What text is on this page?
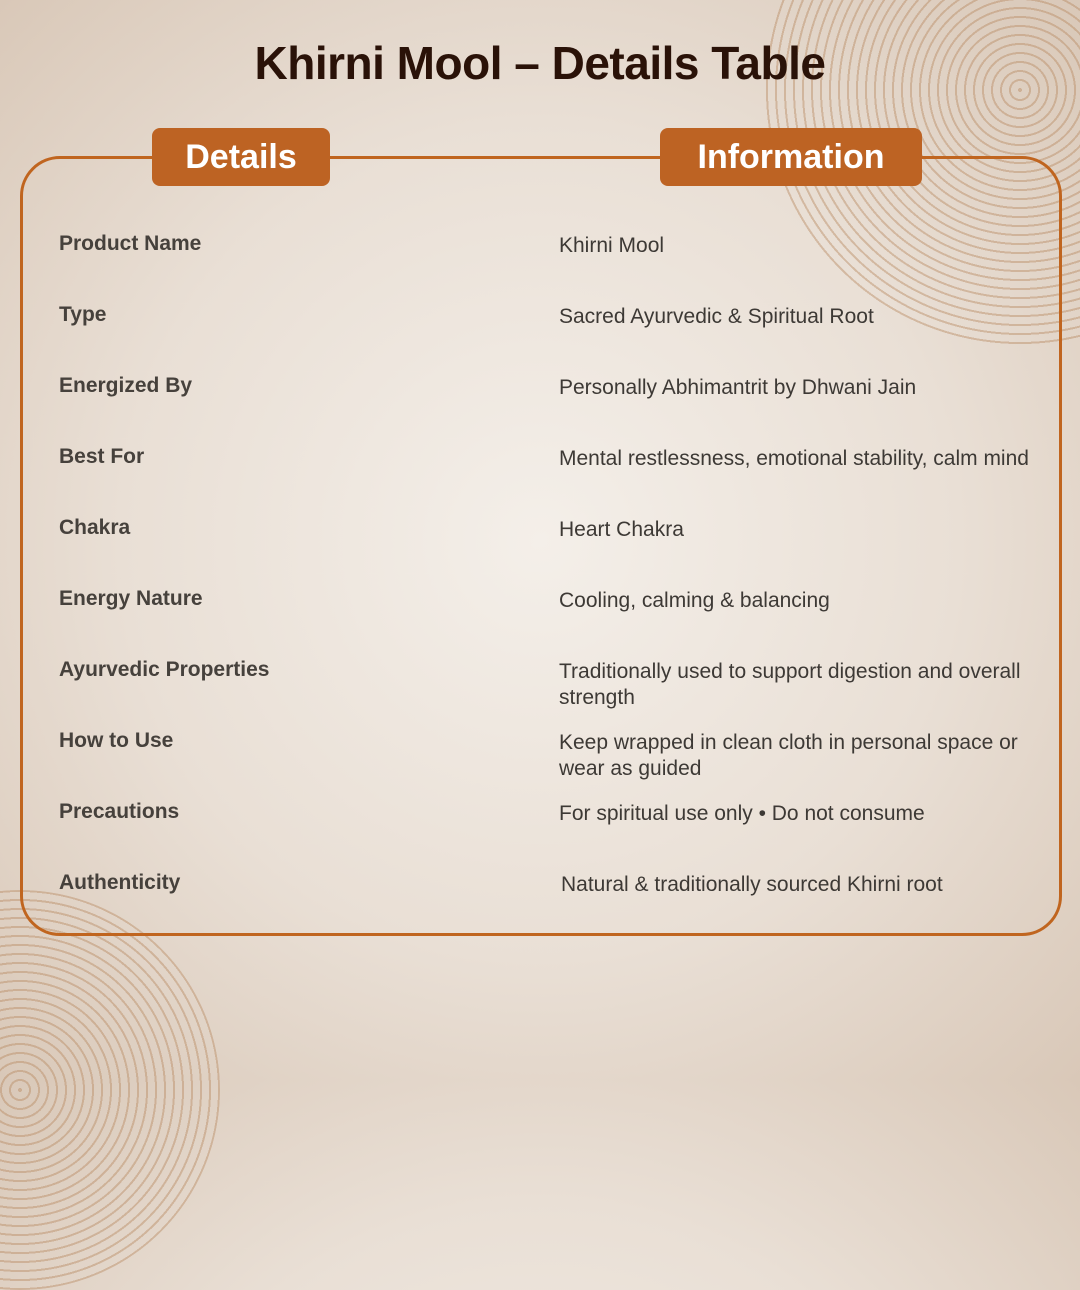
Khirni Mool – Details Table
Details	Information
Product Name	Khirni Mool
Type	Sacred Ayurvedic & Spiritual Root
Energized By	Personally Abhimantrit by Dhwani Jain
Best For	Mental restlessness, emotional stability, calm mind
Chakra	Heart Chakra
Energy Nature	Cooling, calming & balancing
Ayurvedic Properties	Traditionally used to support digestion and overall strength
How to Use	Keep wrapped in clean cloth in personal space or wear as guided
Precautions	For spiritual use only • Do not consume
Authenticity	Natural & traditionally sourced Khirni root
